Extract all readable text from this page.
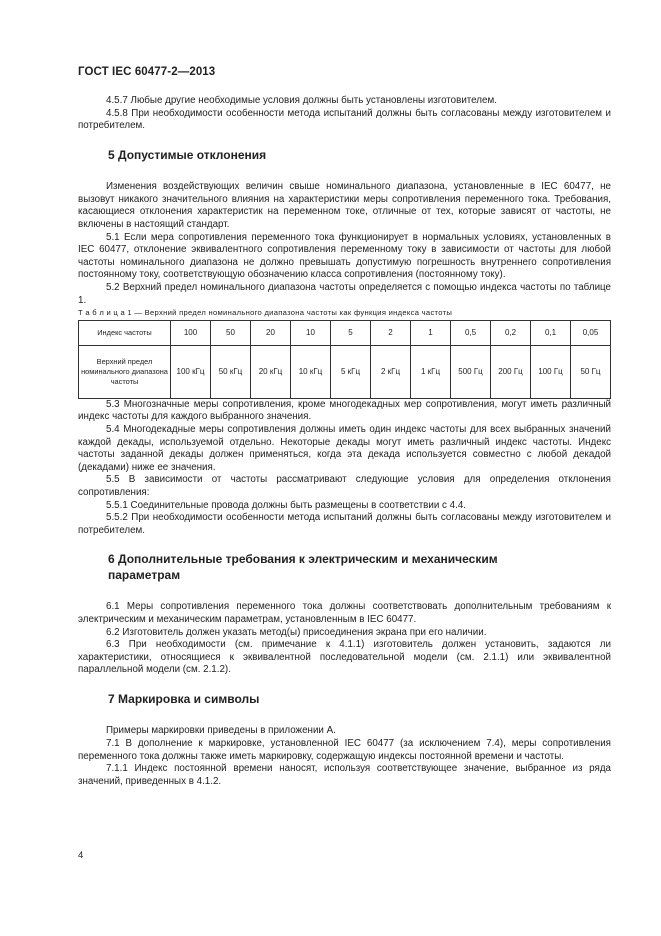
ГОСТ IEC 60477-2—2013

4.5.7 Любые другие необходимые условия должны быть установлены изготовителем.

4.5.8 При необходимости особенности метода испытаний должны быть согласованы между изготовителем и потребителем.

5 Допустимые отклонения

Изменения воздействующих величин свыше номинального диапазона, установленные в IEC 60477, не вызовут никакого значительного влияния на характеристики меры сопротивления переменного тока. Требования, касающиеся отклонения характеристик на переменном токе, отличные от тех, которые зависят от частоты, не включены в настоящий стандарт.

5.1 Если мера сопротивления переменного тока функционирует в нормальных условиях, установленных в IEC 60477, отклонение эквивалентного сопротивления переменному току в зависимости от частоты для любой частоты номинального диапазона не должно превышать допустимую погрешность внутреннего сопротивления постоянному току, соответствующую обозначению класса сопротивления (постоянному току).

5.2 Верхний предел номинального диапазона частоты определяется с помощью индекса частоты по таблице 1.

Т а б л и ц а 1 — Верхний предел номинального диапазона частоты как функция индекса частоты

Индекс частоты	100	50	20	10	5	2	1	0,5	0,2	0,1	0,05
Верхний предел номинального диапазона частоты	100 кГц	50 кГц	20 кГц	10 кГц	5 кГц	2 кГц	1 кГц	500 Гц	200 Гц	100 Гц	50 Гц

5.3 Многозначные меры сопротивления, кроме многодекадных мер сопротивления, могут иметь различный индекс частоты для каждого выбранного значения.

5.4 Многодекадные меры сопротивления должны иметь один индекс частоты для всех выбранных значений каждой декады, используемой отдельно. Некоторые декады могут иметь различный индекс частоты. Индекс частоты заданной декады должен применяться, когда эта декада используется совместно с любой декадой (декадами) ниже ее значения.

5.5 В зависимости от частоты рассматривают следующие условия для определения отклонения сопротивления:

5.5.1 Соединительные провода должны быть размещены в соответствии с 4.4.

5.5.2 При необходимости особенности метода испытаний должны быть согласованы между изготовителем и потребителем.

6 Дополнительные требования к электрическим и механическим
параметрам

6.1 Меры сопротивления переменного тока должны соответствовать дополнительным требованиям к электрическим и механическим параметрам, установленным в IEC 60477.

6.2 Изготовитель должен указать метод(ы) присоединения экрана при его наличии.

6.3 При необходимости (см. примечание к 4.1.1) изготовитель должен установить, задаются ли характеристики, относящиеся к эквивалентной последовательной модели (см. 2.1.1) или эквивалентной параллельной модели (см. 2.1.2).

7 Маркировка и символы

Примеры маркировки приведены в приложении А.

7.1 В дополнение к маркировке, установленной IEC 60477 (за исключением 7.4), меры сопротивления переменного тока должны также иметь маркировку, содержащую индексы постоянной времени и частоты.

7.1.1 Индекс постоянной времени наносят, используя соответствующее значение, выбранное из ряда значений, приведенных в 4.1.2.

4
